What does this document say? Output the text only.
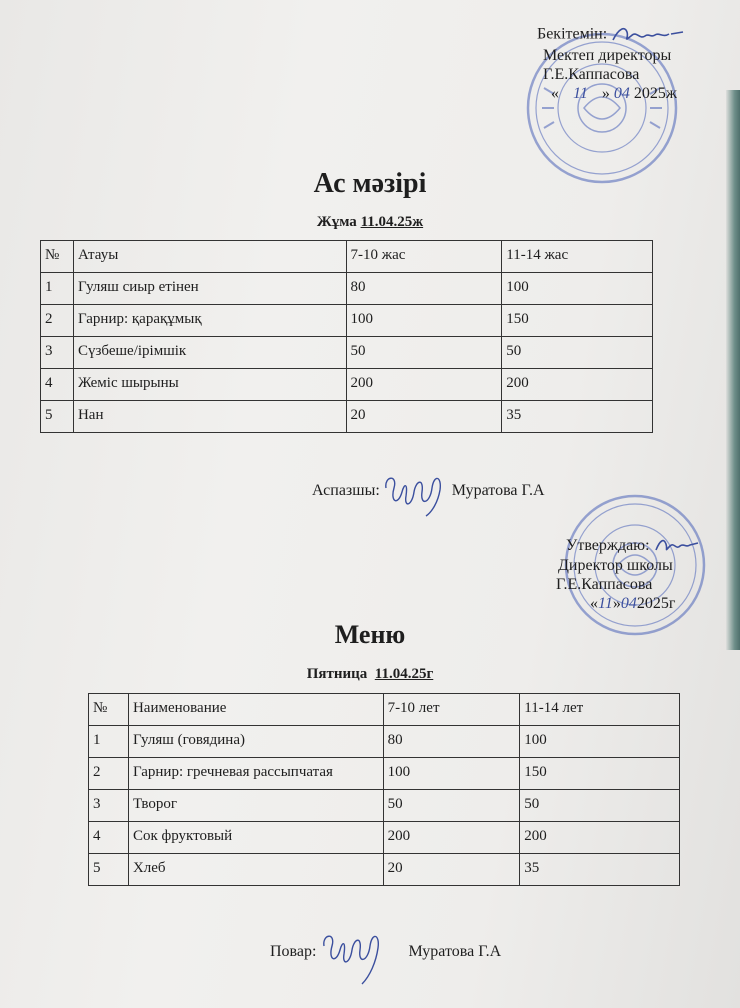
Бекітемін:
Мектеп директоры
Г.Е.Каппасова
« 11 » 04 2025ж
Ас мәзірі
Жұма 11.04.25ж
№	Атауы	7-10 жас	11-14 жас
1	Гуляш сиыр етінен	80	100
2	Гарнир: қарақұмық	100	150
3	Сүзбеше/ірімшік	50	50
4	Жеміс шырыны	200	200
5	Нан	20	35
Аспазшы:	Муратова Г.А
Утверждаю:
Директор школы
Г.Е.Каппасова
«11»042025г
Меню
Пятница 11.04.25г
№	Наименование	7-10 лет	11-14 лет
1	Гуляш (говядина)	80	100
2	Гарнир: гречневая рассыпчатая	100	150
3	Творог	50	50
4	Сок фруктовый	200	200
5	Хлеб	20	35
Повар:	Муратова Г.А
